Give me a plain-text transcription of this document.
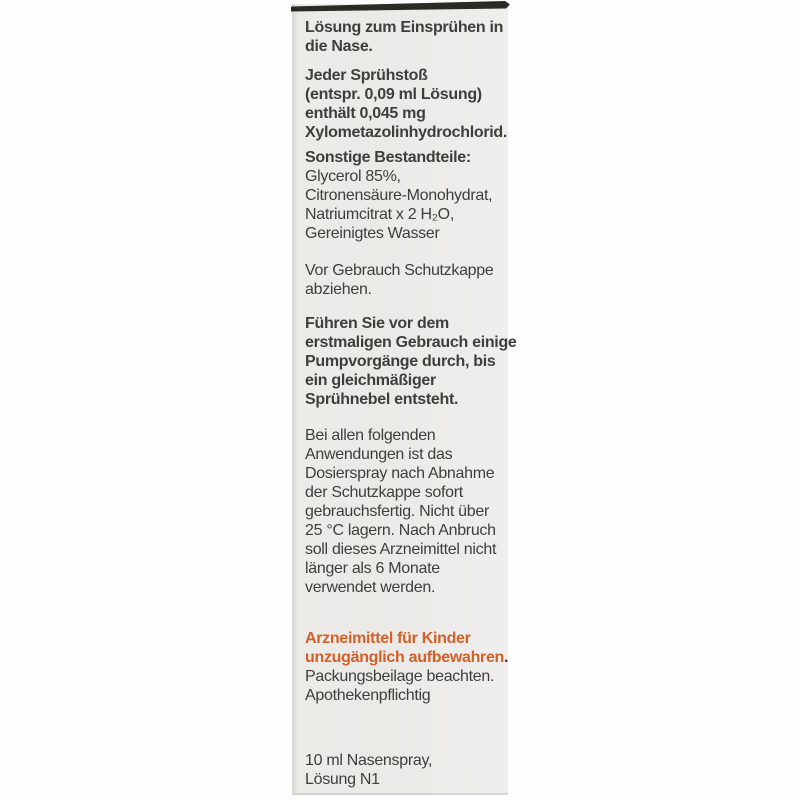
Lösung zum Einsprühen in
die Nase.
Jeder Sprühstoß
(entspr. 0,09 ml Lösung)
enthält 0,045 mg
Xylometazolinhydrochlorid.
Sonstige Bestandteile:
Glycerol 85%,
Citronensäure-Monohydrat,
Natriumcitrat x 2 H₂O,
Gereinigtes Wasser
Vor Gebrauch Schutzkappe
abziehen.
Führen Sie vor dem
erstmaligen Gebrauch einige
Pumpvorgänge durch, bis
ein gleichmäßiger
Sprühnebel entsteht.
Bei allen folgenden
Anwendungen ist das
Dosierspray nach Abnahme
der Schutzkappe sofort
gebrauchsfertig. Nicht über
25 °C lagern. Nach Anbruch
soll dieses Arzneimittel nicht
länger als 6 Monate
verwendet werden.
Arzneimittel für Kinder
unzugänglich aufbewahren.
Packungsbeilage beachten.
Apothekenpflichtig
10 ml Nasenspray,
Lösung N1
